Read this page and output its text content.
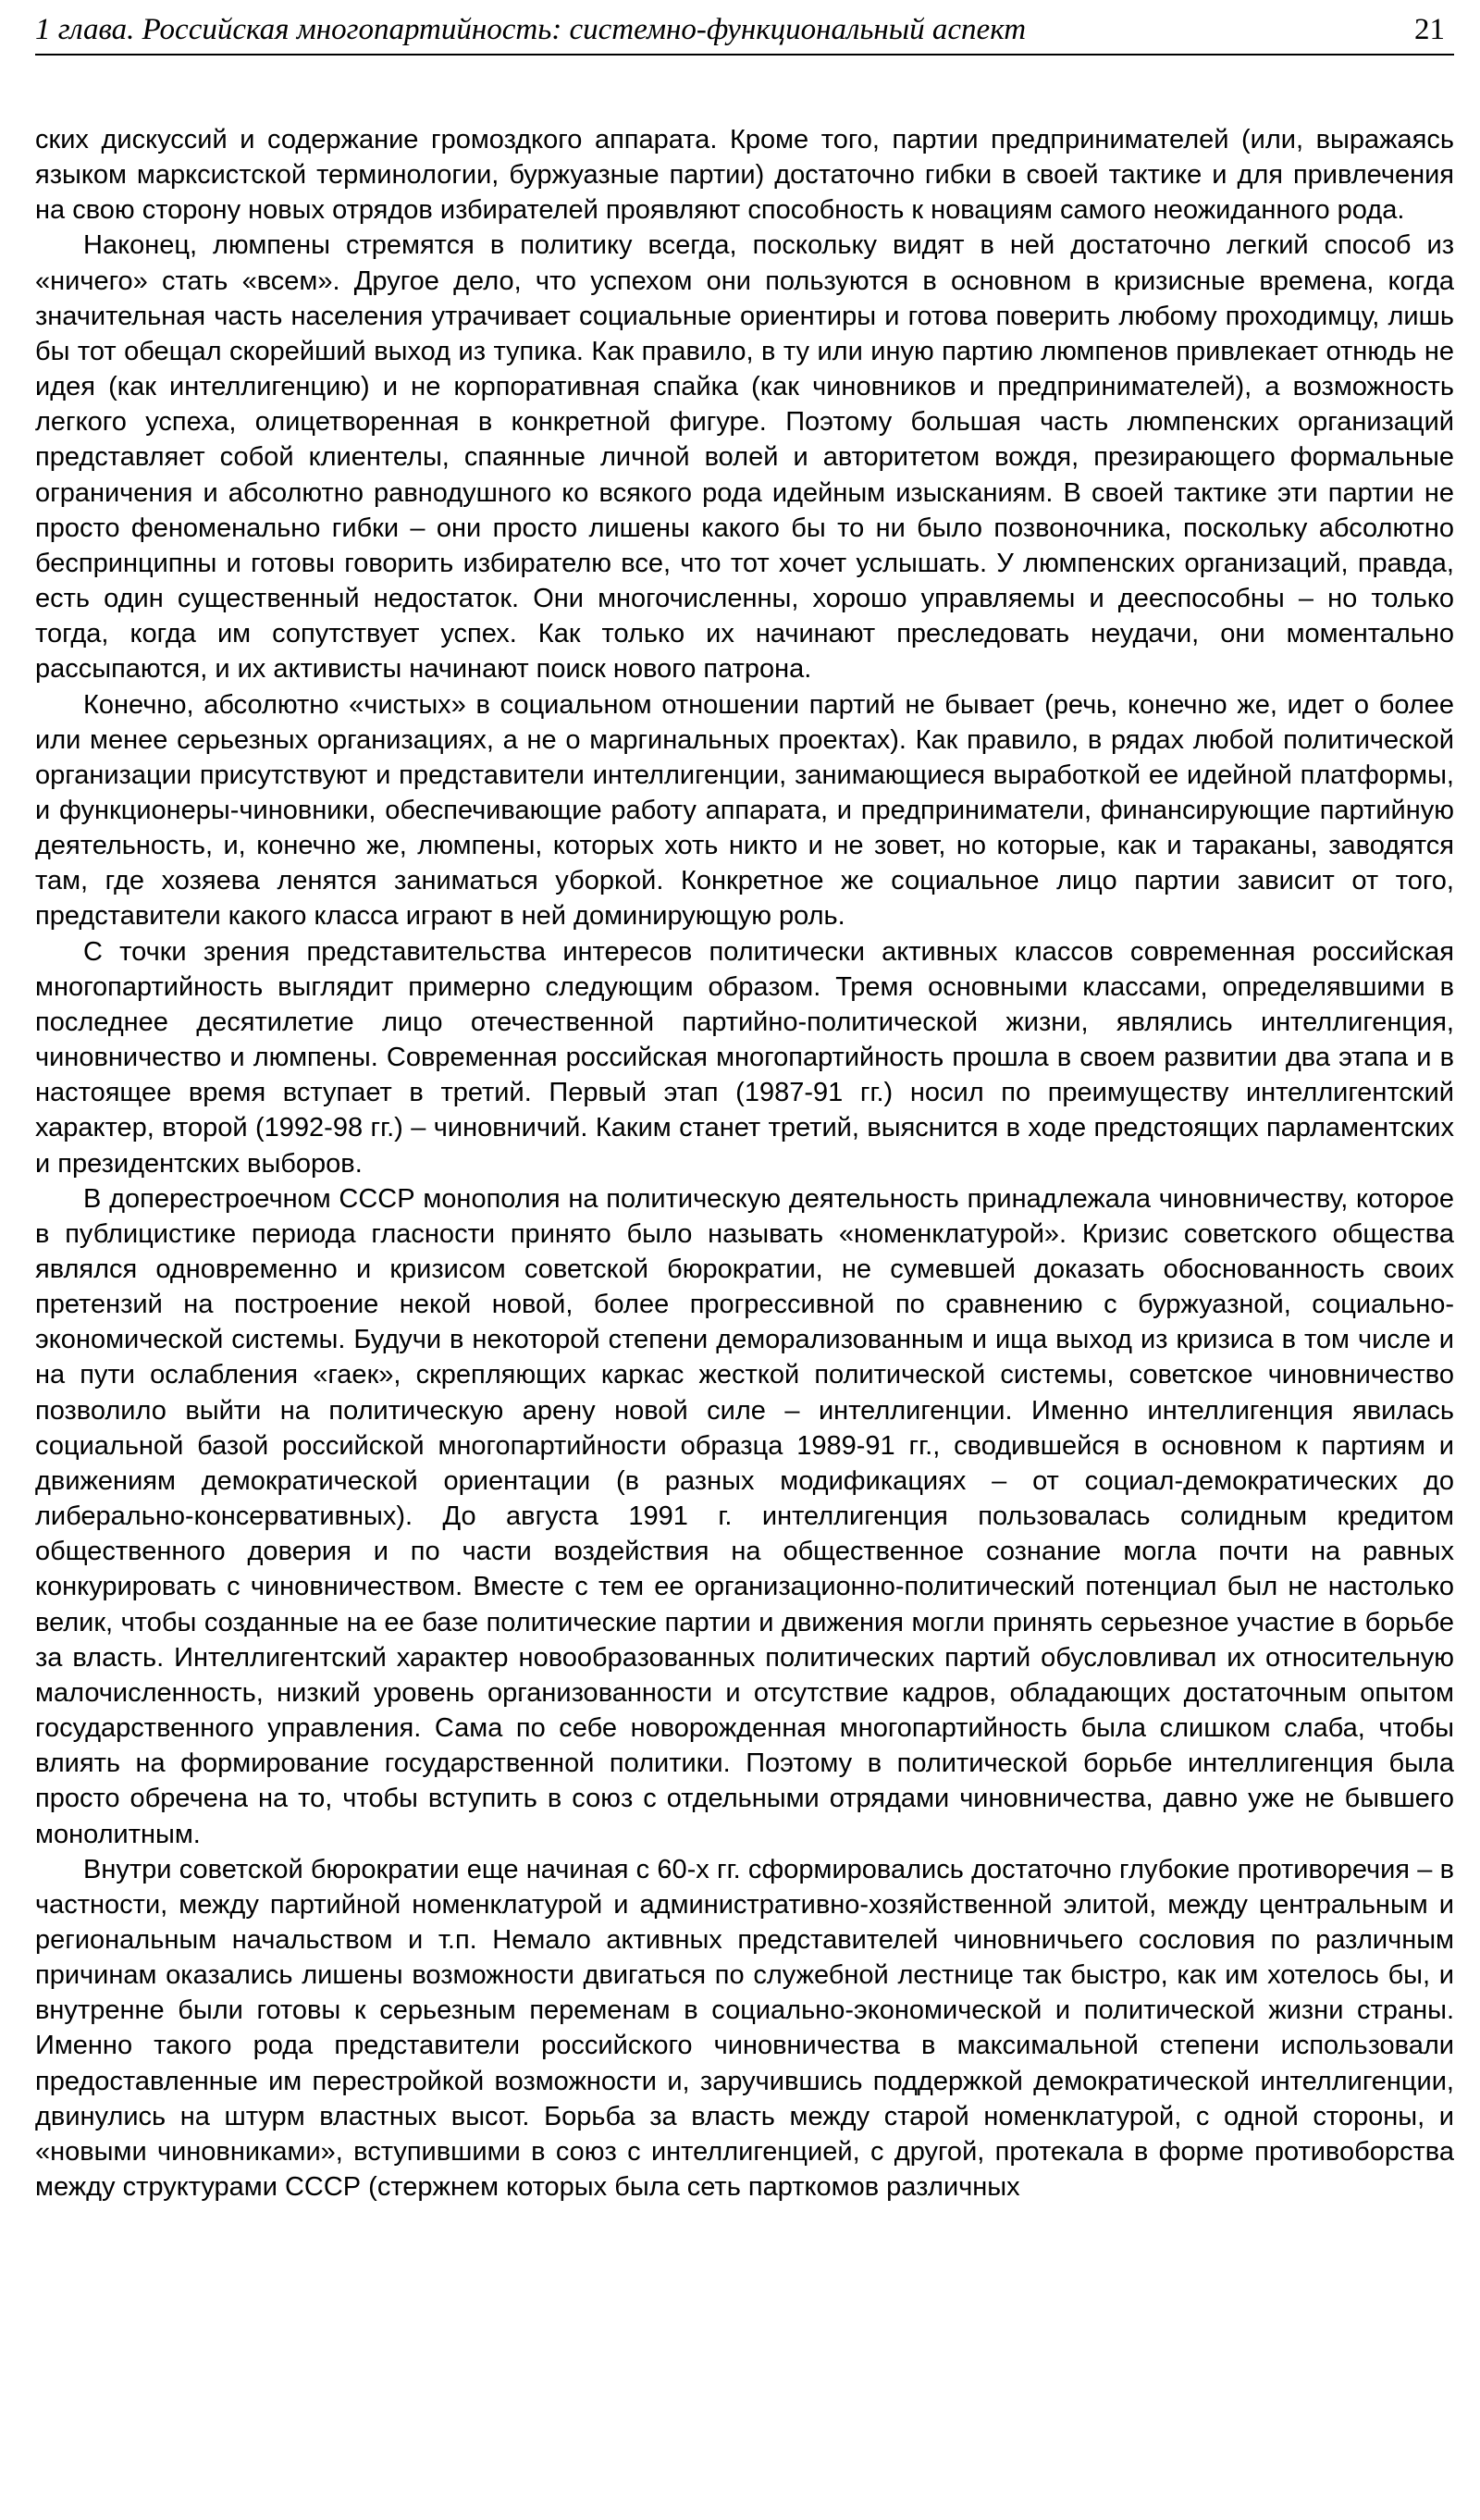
1 глава. Российская многопартийность: системно-функциональный аспект	21

ских дискуссий и содержание громоздкого аппарата. Кроме того, партии предпринимателей (или, выражаясь языком марксистской терминологии, буржуазные партии) достаточно гибки в своей тактике и для привлечения на свою сторону новых отрядов избирателей проявляют способность к новациям самого неожиданного рода.

Наконец, люмпены стремятся в политику всегда, поскольку видят в ней достаточно легкий способ из «ничего» стать «всем». Другое дело, что успехом они пользуются в основном в кризисные времена, когда значительная часть населения утрачивает социальные ориентиры и готова поверить любому проходимцу, лишь бы тот обещал скорейший выход из тупика. Как правило, в ту или иную партию люмпенов привлекает отнюдь не идея (как интеллигенцию) и не корпоративная спайка (как чиновников и предпринимателей), а возможность легкого успеха, олицетворенная в конкретной фигуре. Поэтому большая часть люмпенских организаций представляет собой клиентелы, спаянные личной волей и авторитетом вождя, презирающего формальные ограничения и абсолютно равнодушного ко всякого рода идейным изысканиям. В своей тактике эти партии не просто феноменально гибки – они просто лишены какого бы то ни было позвоночника, поскольку абсолютно беспринципны и готовы говорить избирателю все, что тот хочет услышать. У люмпенских организаций, правда, есть один существенный недостаток. Они многочисленны, хорошо управляемы и дееспособны – но только тогда, когда им сопутствует успех. Как только их начинают преследовать неудачи, они моментально рассыпаются, и их активисты начинают поиск нового патрона.

Конечно, абсолютно «чистых» в социальном отношении партий не бывает (речь, конечно же, идет о более или менее серьезных организациях, а не о маргинальных проектах). Как правило, в рядах любой политической организации присутствуют и представители интеллигенции, занимающиеся выработкой ее идейной платформы, и функционеры-чиновники, обеспечивающие работу аппарата, и предприниматели, финансирующие партийную деятельность, и, конечно же, люмпены, которых хоть никто и не зовет, но которые, как и тараканы, заводятся там, где хозяева ленятся заниматься уборкой. Конкретное же социальное лицо партии зависит от того, представители какого класса играют в ней доминирующую роль.

С точки зрения представительства интересов политически активных классов современная российская многопартийность выглядит примерно следующим образом. Тремя основными классами, определявшими в последнее десятилетие лицо отечественной партийно-политической жизни, являлись интеллигенция, чиновничество и люмпены. Современная российская многопартийность прошла в своем развитии два этапа и в настоящее время вступает в третий. Первый этап (1987-91 гг.) носил по преимуществу интеллигентский характер, второй (1992-98 гг.) – чиновничий. Каким станет третий, выяснится в ходе предстоящих парламентских и президентских выборов.

В доперестроечном СССР монополия на политическую деятельность принадлежала чиновничеству, которое в публицистике периода гласности принято было называть «номенклатурой». Кризис советского общества являлся одновременно и кризисом советской бюрократии, не сумевшей доказать обоснованность своих претензий на построение некой новой, более прогрессивной по сравнению с буржуазной, социально-экономической системы. Будучи в некоторой степени деморализованным и ища выход из кризиса в том числе и на пути ослабления «гаек», скрепляющих каркас жесткой политической системы, советское чиновничество позволило выйти на политическую арену новой силе – интеллигенции. Именно интеллигенция явилась социальной базой российской многопартийности образца 1989-91 гг., сводившейся в основном к партиям и движениям демократической ориентации (в разных модификациях – от социал-демократических до либерально-консервативных). До августа 1991 г. интеллигенция пользовалась солидным кредитом общественного доверия и по части воздействия на общественное сознание могла почти на равных конкурировать с чиновничеством. Вместе с тем ее организационно-политический потенциал был не настолько велик, чтобы созданные на ее базе политические партии и движения могли принять серьезное участие в борьбе за власть. Интеллигентский характер новообразованных политических партий обусловливал их относительную малочисленность, низкий уровень организованности и отсутствие кадров, обладающих достаточным опытом государственного управления. Сама по себе новорожденная многопартийность была слишком слаба, чтобы влиять на формирование государственной политики. Поэтому в политической борьбе интеллигенция была просто обречена на то, чтобы вступить в союз с отдельными отрядами чиновничества, давно уже не бывшего монолитным.

Внутри советской бюрократии еще начиная с 60-х гг. сформировались достаточно глубокие противоречия – в частности, между партийной номенклатурой и административно-хозяйственной элитой, между центральным и региональным начальством и т.п. Немало активных представителей чиновничьего сословия по различным причинам оказались лишены возможности двигаться по служебной лестнице так быстро, как им хотелось бы, и внутренне были готовы к серьезным переменам в социально-экономической и политической жизни страны. Именно такого рода представители российского чиновничества в максимальной степени использовали предоставленные им перестройкой возможности и, заручившись поддержкой демократической интеллигенции, двинулись на штурм властных высот. Борьба за власть между старой номенклатурой, с одной стороны, и «новыми чиновниками», вступившими в союз с интеллигенцией, с другой, протекала в форме противоборства между структурами СССР (стержнем которых была сеть парткомов различных
